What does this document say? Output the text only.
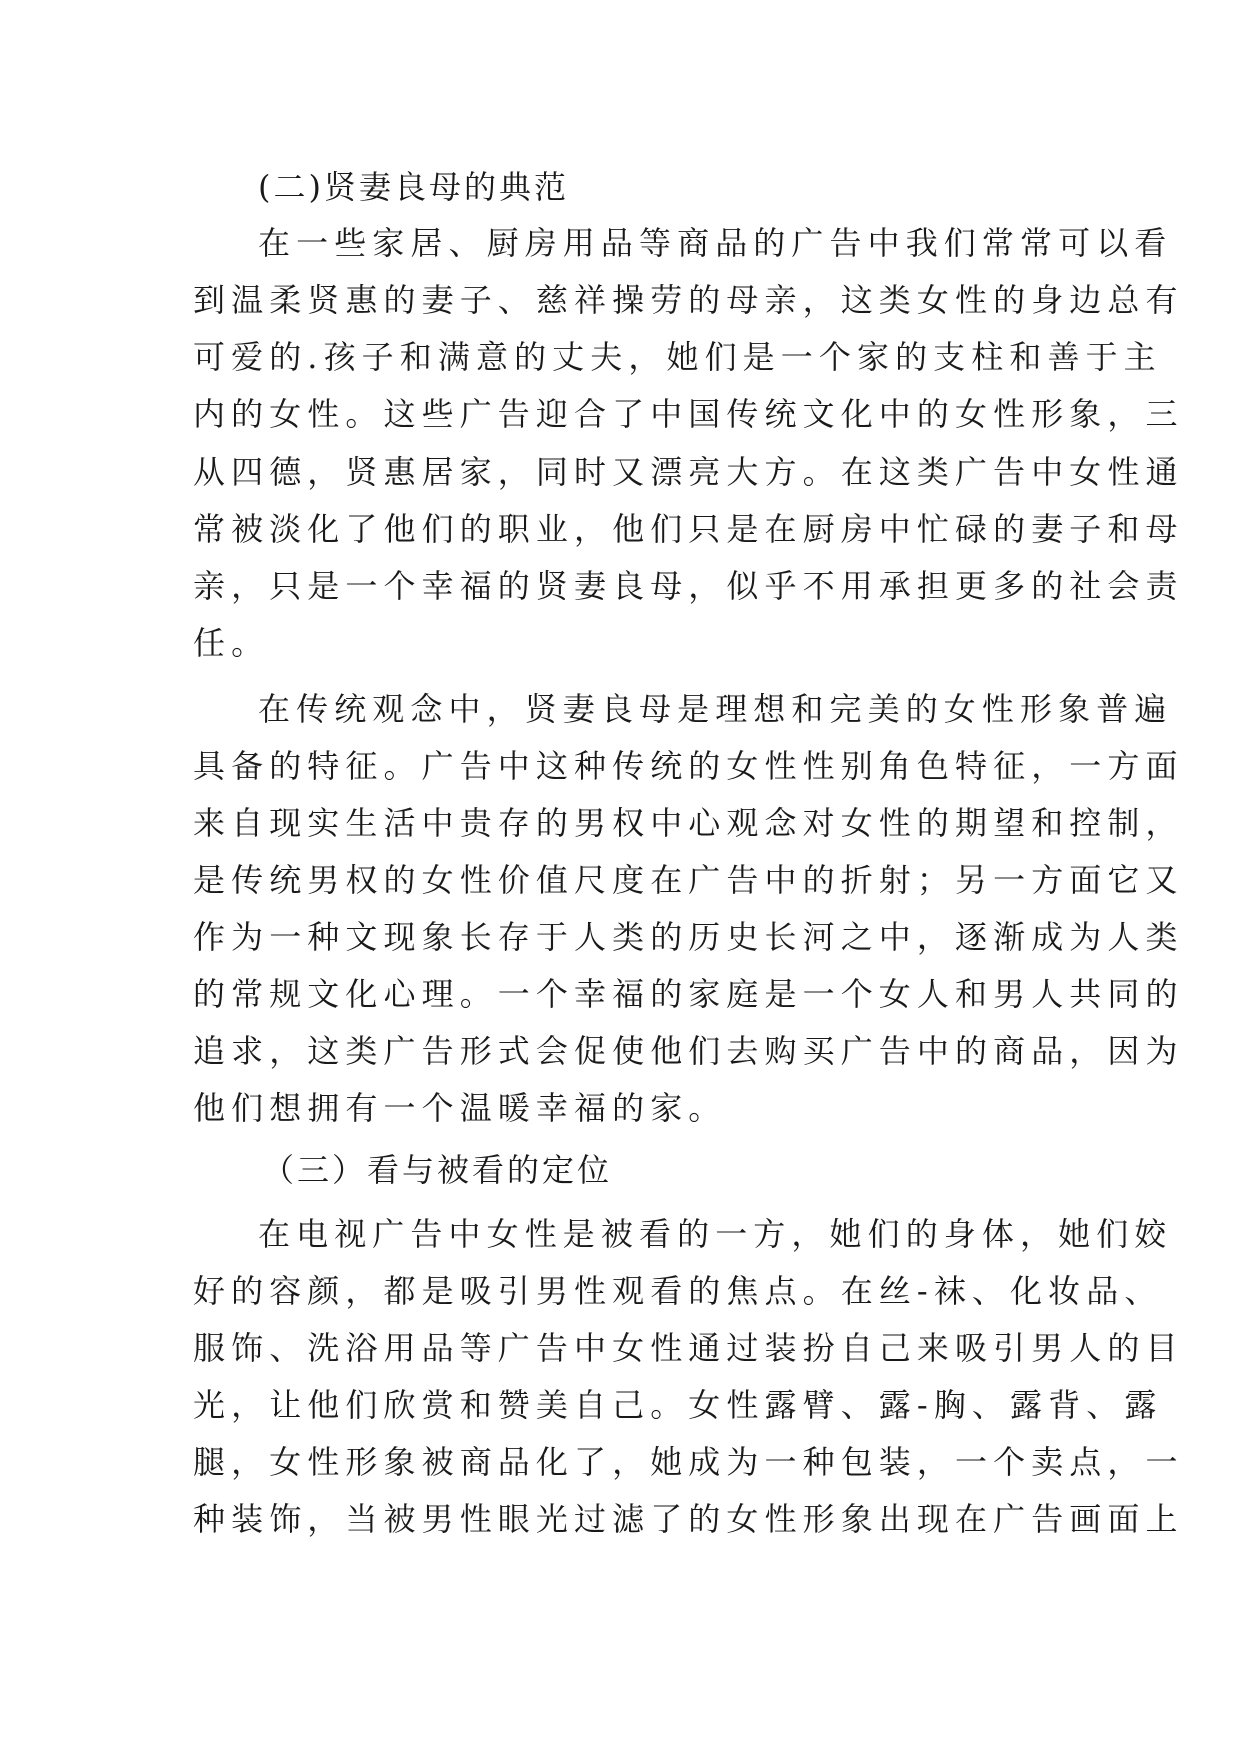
(二)贤妻良母的典范
在一些家居、厨房用品等商品的广告中我们常常可以看
到温柔贤惠的妻子、慈祥操劳的母亲，这类女性的身边总有
可爱的.孩子和满意的丈夫，她们是一个家的支柱和善于主
内的女性。这些广告迎合了中国传统文化中的女性形象，三
从四德，贤惠居家，同时又漂亮大方。在这类广告中女性通
常被淡化了他们的职业，他们只是在厨房中忙碌的妻子和母
亲，只是一个幸福的贤妻良母，似乎不用承担更多的社会责
任。
在传统观念中，贤妻良母是理想和完美的女性形象普遍
具备的特征。广告中这种传统的女性性别角色特征，一方面
来自现实生活中贵存的男权中心观念对女性的期望和控制，
是传统男权的女性价值尺度在广告中的折射；另一方面它又
作为一种文现象长存于人类的历史长河之中，逐渐成为人类
的常规文化心理。一个幸福的家庭是一个女人和男人共同的
追求，这类广告形式会促使他们去购买广告中的商品，因为
他们想拥有一个温暖幸福的家。
（三）看与被看的定位
在电视广告中女性是被看的一方，她们的身体，她们姣
好的容颜，都是吸引男性观看的焦点。在丝-袜、化妆品、
服饰、洗浴用品等广告中女性通过装扮自己来吸引男人的目
光，让他们欣赏和赞美自己。女性露臂、露-胸、露背、露
腿，女性形象被商品化了，她成为一种包装，一个卖点，一
种装饰，当被男性眼光过滤了的女性形象出现在广告画面上
